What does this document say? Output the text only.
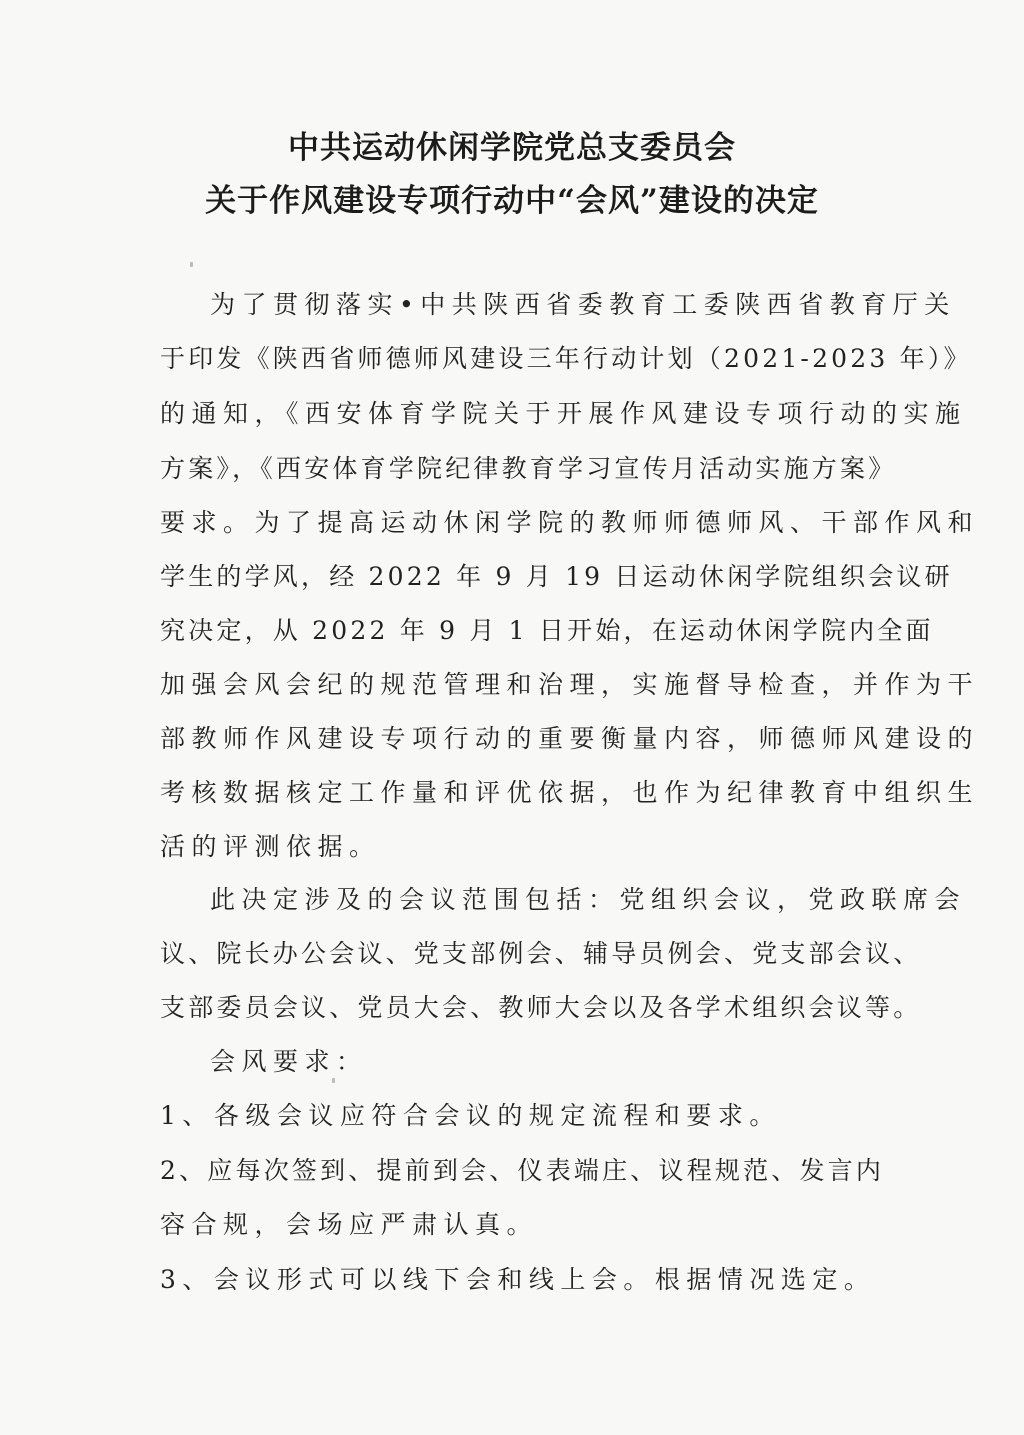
中共运动休闲学院党总支委员会
关于作风建设专项行动中“会风”建设的决定
为了贯彻落实•中共陕西省委教育工委陕西省教育厅关
于印发《陕西省师德师风建设三年行动计划（2021-2023 年）》
的通知，《西安体育学院关于开展作风建设专项行动的实施
方案》，《西安体育学院纪律教育学习宣传月活动实施方案》
要求。为了提高运动休闲学院的教师师德师风、干部作风和
学生的学风，经 2022 年 9 月 19 日运动休闲学院组织会议研
究决定，从 2022 年 9 月 1 日开始，在运动休闲学院内全面
加强会风会纪的规范管理和治理，实施督导检查，并作为干
部教师作风建设专项行动的重要衡量内容，师德师风建设的
考核数据核定工作量和评优依据，也作为纪律教育中组织生
活的评测依据。
此决定涉及的会议范围包括：党组织会议，党政联席会
议、院长办公会议、党支部例会、辅导员例会、党支部会议、
支部委员会议、党员大会、教师大会以及各学术组织会议等。
会风要求：
1、各级会议应符合会议的规定流程和要求。
2、应每次签到、提前到会、仪表端庄、议程规范、发言内
容合规，会场应严肃认真。
3、会议形式可以线下会和线上会。根据情况选定。
